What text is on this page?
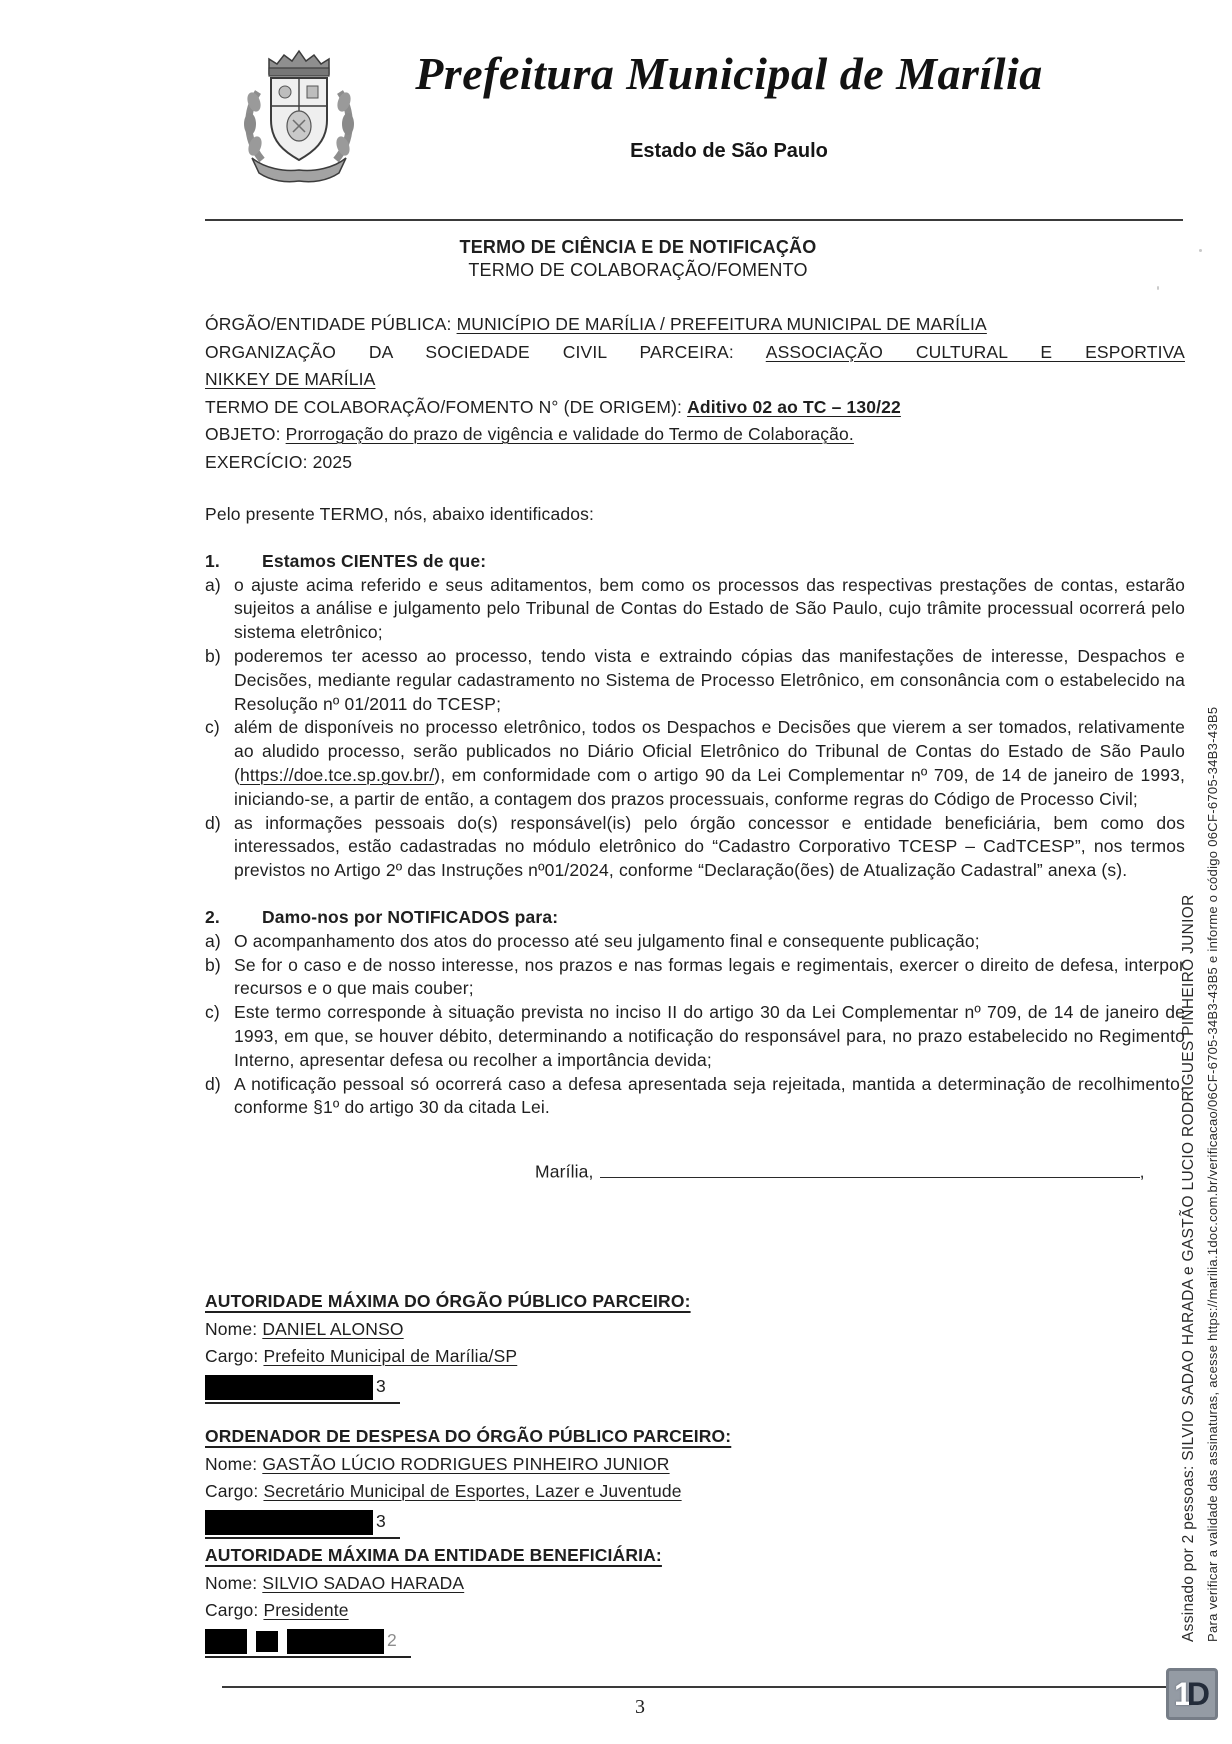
Prefeitura Municipal de Marília
Estado de São Paulo
TERMO DE CIÊNCIA E DE NOTIFICAÇÃO
TERMO DE COLABORAÇÃO/FOMENTO

ÓRGÃO/ENTIDADE PÚBLICA: MUNICÍPIO DE MARÍLIA / PREFEITURA MUNICIPAL DE MARÍLIA

ORGANIZAÇÃO DA SOCIEDADE CIVIL PARCEIRA: ASSOCIAÇÃO CULTURAL E ESPORTIVA

NIKKEY DE MARÍLIA

TERMO DE COLABORAÇÃO/FOMENTO N° (DE ORIGEM): Aditivo 02 ao TC – 130/22

OBJETO: Prorrogação do prazo de vigência e validade do Termo de Colaboração.

EXERCÍCIO: 2025

Pelo presente TERMO, nós, abaixo identificados:

1. Estamos CIENTES de que:
a) o ajuste acima referido e seus aditamentos, bem como os processos das respectivas prestações de contas, estarão sujeitos a análise e julgamento pelo Tribunal de Contas do Estado de São Paulo, cujo trâmite processual ocorrerá pelo sistema eletrônico;
b) poderemos ter acesso ao processo, tendo vista e extraindo cópias das manifestações de interesse, Despachos e Decisões, mediante regular cadastramento no Sistema de Processo Eletrônico, em consonância com o estabelecido na Resolução nº 01/2011 do TCESP;
c) além de disponíveis no processo eletrônico, todos os Despachos e Decisões que vierem a ser tomados, relativamente ao aludido processo, serão publicados no Diário Oficial Eletrônico do Tribunal de Contas do Estado de São Paulo (https://doe.tce.sp.gov.br/), em conformidade com o artigo 90 da Lei Complementar nº 709, de 14 de janeiro de 1993, iniciando-se, a partir de então, a contagem dos prazos processuais, conforme regras do Código de Processo Civil;
d) as informações pessoais do(s) responsável(is) pelo órgão concessor e entidade beneficiária, bem como dos interessados, estão cadastradas no módulo eletrônico do “Cadastro Corporativo TCESP – CadTCESP”, nos termos previstos no Artigo 2º das Instruções nº01/2024, conforme “Declaração(ões) de Atualização Cadastral” anexa (s).
2. Damo-nos por NOTIFICADOS para:
a) O acompanhamento dos atos do processo até seu julgamento final e consequente publicação;
b) Se for o caso e de nosso interesse, nos prazos e nas formas legais e regimentais, exercer o direito de defesa, interpor recursos e o que mais couber;
c) Este termo corresponde à situação prevista no inciso II do artigo 30 da Lei Complementar nº 709, de 14 de janeiro de 1993, em que, se houver débito, determinando a notificação do responsável para, no prazo estabelecido no Regimento Interno, apresentar defesa ou recolher a importância devida;
d) A notificação pessoal só ocorrerá caso a defesa apresentada seja rejeitada, mantida a determinação de recolhimento, conforme §1º do artigo 30 da citada Lei.
Marília,	,
AUTORIDADE MÁXIMA DO ÓRGÃO PÚBLICO PARCEIRO:
Nome: DANIEL ALONSO
Cargo: Prefeito Municipal de Marília/SP
3
ORDENADOR DE DESPESA DO ÓRGÃO PÚBLICO PARCEIRO:
Nome: GASTÃO LÚCIO RODRIGUES PINHEIRO JUNIOR
Cargo: Secretário Municipal de Esportes, Lazer e Juventude
3
AUTORIDADE MÁXIMA DA ENTIDADE BENEFICIÁRIA:
Nome: SILVIO SADAO HARADA
Cargo: Presidente
2
3
Assinado por 2 pessoas: SILVIO SADAO HARADA e GASTÃO LUCIO RODRIGUES PINHEIRO JUNIOR Para verificar a validade das assinaturas, acesse https://marilia.1doc.com.br/verificacao/06CF-6705-34B3-43B5 e informe o código 06CF-6705-34B3-43B5
1
D
